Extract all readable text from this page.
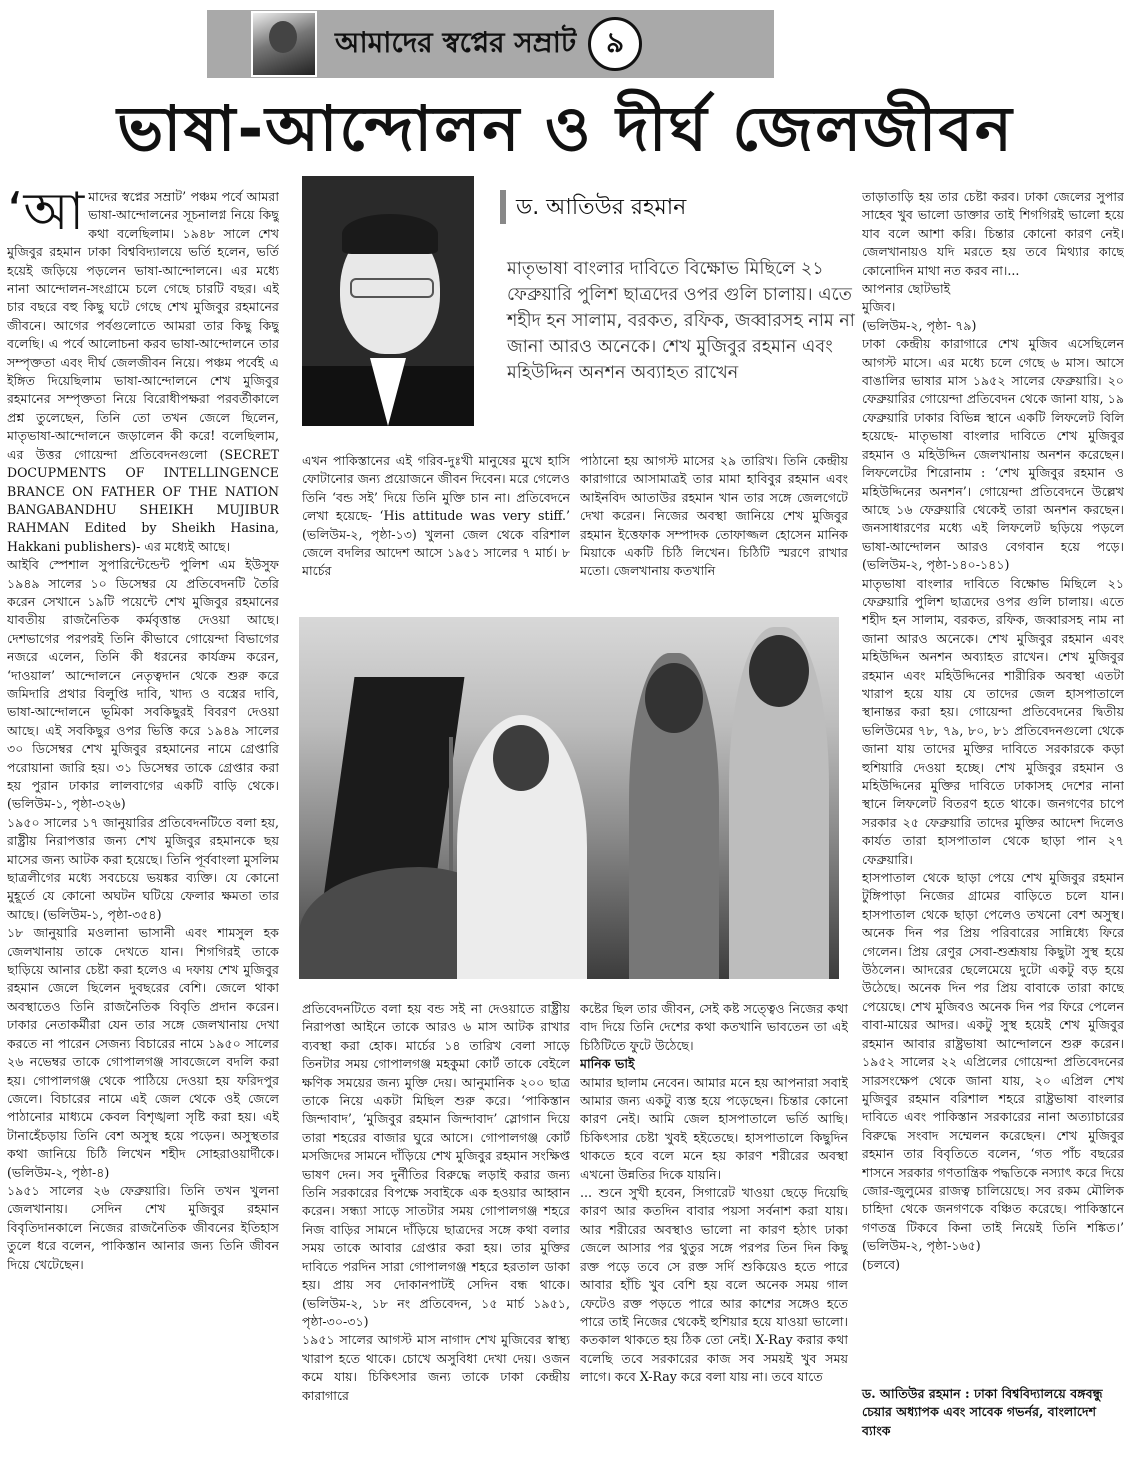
আমাদের স্বপ্নের সম্রাট	৯
ভাষা-আন্দোলন ও দীর্ঘ জেলজীবন
‘আ মাদের স্বপ্নের সম্রাট’ পঞ্চম পর্বে আমরা ভাষা-আন্দোলনের সূচনালগ্ন নিয়ে কিছু কথা বলেছিলাম। ১৯৪৮ সালে শেখ মুজিবুর রহমান ঢাকা বিশ্ববিদ্যালয়ে ভর্তি হলেন, ভর্তি হয়েই জড়িয়ে পড়লেন ভাষা-আন্দোলনে। এর মধ্যে নানা আন্দোলন-সংগ্রামে চলে গেছে চারটি বছর। এই চার বছরে বহু কিছু ঘটে গেছে শেখ মুজিবুর রহমানের জীবনে। আগের পর্বগুলোতে আমরা তার কিছু কিছু বলেছি। এ পর্বে আলোচনা করব ভাষা-আন্দোলনে তার সম্পৃক্ততা এবং দীর্ঘ জেলজীবন নিয়ে। পঞ্চম পর্বেই এ ইঙ্গিত দিয়েছিলাম ভাষা-আন্দোলনে শেখ মুজিবুর রহমানের সম্পৃক্ততা নিয়ে বিরোধীপক্ষরা পরবর্তীকালে প্রশ্ন তুলেছেন, তিনি তো তখন জেলে ছিলেন, মাতৃভাষা-আন্দোলনে জড়ালেন কী করে! বলেছিলাম, এর উত্তর গোয়েন্দা প্রতিবেদনগুলো (SECRET DOCUPMENTS OF INTELLINGENCE BRANCE ON FATHER OF THE NATION BANGABANDHU SHEIKH MUJIBUR RAHMAN Edited by Sheikh Hasina, Hakkani publishers)- এর মধ্যেই আছে।

আইবি স্পেশাল সুপারিন্টেন্ডেন্ট পুলিশ এম ইউসুফ ১৯৪৯ সালের ১০ ডিসেম্বর যে প্রতিবেদনটি তৈরি করেন সেখানে ১৯টি পয়েন্টে শেখ মুজিবুর রহমানের যাবতীয় রাজনৈতিক কর্মবৃত্তান্ত দেওয়া আছে। দেশভাগের পরপরই তিনি কীভাবে গোয়েন্দা বিভাগের নজরে এলেন, তিনি কী ধরনের কার্যক্রম করেন, ‘দাওয়াল’ আন্দোলনে নেতৃত্বদান থেকে শুরু করে জমিদারি প্রথার বিলুপ্তি দাবি, খাদ্য ও বস্ত্রের দাবি, ভাষা-আন্দোলনে ভূমিকা সবকিছুরই বিবরণ দেওয়া আছে। এই সবকিছুর ওপর ভিত্তি করে ১৯৪৯ সালের ৩০ ডিসেম্বর শেখ মুজিবুর রহমানের নামে গ্রেপ্তারি পরোয়ানা জারি হয়। ৩১ ডিসেম্বর তাকে গ্রেপ্তার করা হয় পুরান ঢাকার লালবাগের একটি বাড়ি থেকে। (ভলিউম-১, পৃষ্ঠা-৩২৬)

১৯৫০ সালের ১৭ জানুয়ারির প্রতিবেদনটিতে বলা হয়, রাষ্ট্রীয় নিরাপত্তার জন্য শেখ মুজিবুর রহমানকে ছয় মাসের জন্য আটক করা হয়েছে। তিনি পূর্ববাংলা মুসলিম ছাত্রলীগের মধ্যে সবচেয়ে ভয়ঙ্কর ব্যক্তি। যে কোনো মুহূর্তে যে কোনো অঘটন ঘটিয়ে ফেলার ক্ষমতা তার আছে। (ভলিউম-১, পৃষ্ঠা-৩৫৪)

১৮ জানুয়ারি মওলানা ভাসানী এবং শামসুল হক জেলখানায় তাকে দেখতে যান। শিগগিরই তাকে ছাড়িয়ে আনার চেষ্টা করা হলেও এ দফায় শেখ মুজিবুর রহমান জেলে ছিলেন দুবছরের বেশি। জেলে থাকা অবস্থাতেও তিনি রাজনৈতিক বিবৃতি প্রদান করেন। ঢাকার নেতাকর্মীরা যেন তার সঙ্গে জেলখানায় দেখা করতে না পারেন সেজন্য বিচারের নামে ১৯৫০ সালের ২৬ নভেম্বর তাকে গোপালগঞ্জ সাবজেলে বদলি করা হয়। গোপালগঞ্জ থেকে পাঠিয়ে দেওয়া হয় ফরিদপুর জেলে। বিচারের নামে এই জেল থেকে ওই জেলে পাঠানোর মাধ্যমে কেবল বিশৃঙ্খলা সৃষ্টি করা হয়। এই টানাহেঁচড়ায় তিনি বেশ অসুস্থ হয়ে পড়েন। অসুস্থতার কথা জানিয়ে চিঠি লিখেন শহীদ সোহরাওয়ার্দীকে। (ভলিউম-২, পৃষ্ঠা-৪)

১৯৫১ সালের ২৬ ফেব্রুয়ারি। তিনি তখন খুলনা জেলখানায়। সেদিন শেখ মুজিবুর রহমান বিবৃতিদানকালে নিজের রাজনৈতিক জীবনের ইতিহাস তুলে ধরে বলেন, পাকিস্তান আনার জন্য তিনি জীবন দিয়ে খেটেছেন।

ড. আতিউর রহমান
মাতৃভাষা বাংলার দাবিতে বিক্ষোভ মিছিলে ২১ ফেব্রুয়ারি পুলিশ ছাত্রদের ওপর গুলি চালায়। এতে শহীদ হন সালাম, বরকত, রফিক, জব্বারসহ নাম না জানা আরও অনেকে। শেখ মুজিবুর রহমান এবং মহিউদ্দিন অনশন অব্যাহত রাখেন

এখন পাকিস্তানের এই গরিব-দুঃখী মানুষের মুখে হাসি ফোটানোর জন্য প্রয়োজনে জীবন দিবেন। মরে গেলেও তিনি ‘বন্ড সই’ দিয়ে তিনি মুক্তি চান না। প্রতিবেদনে লেখা হয়েছে- ‘His attitude was very stiff.’ (ভলিউম-২, পৃষ্ঠা-১৩) খুলনা জেল থেকে বরিশাল জেলে বদলির আদেশ আসে ১৯৫১ সালের ৭ মার্চ। ৮ মার্চের

পাঠানো হয় আগস্ট মাসের ২৯ তারিখ। তিনি কেন্দ্রীয় কারাগারে আসামাত্রই তার মামা হাবিবুর রহমান এবং আইনবিদ আতাউর রহমান খান তার সঙ্গে জেলগেটে দেখা করেন। নিজের অবস্থা জানিয়ে শেখ মুজিবুর রহমান ইত্তেফাক সম্পাদক তোফাজ্জল হোসেন মানিক মিয়াকে একটি চিঠি লিখেন। চিঠিটি স্মরণে রাখার মতো। জেলখানায় কতখানি

প্রতিবেদনটিতে বলা হয় বন্ড সই না দেওয়াতে রাষ্ট্রীয় নিরাপত্তা আইনে তাকে আরও ৬ মাস আটক রাখার ব্যবস্থা করা হোক। মার্চের ১৪ তারিখ বেলা সাড়ে তিনটার সময় গোপালগঞ্জ মহকুমা কোর্ট তাকে বেইলে ক্ষণিক সময়ের জন্য মুক্তি দেয়। আনুমানিক ২০০ ছাত্র তাকে নিয়ে একটা মিছিল শুরু করে। ‘পাকিস্তান জিন্দাবাদ’, ‘মুজিবুর রহমান জিন্দাবাদ’ স্লোগান দিয়ে তারা শহরের বাজার ঘুরে আসে। গোপালগঞ্জ কোর্ট মসজিদের সামনে দাঁড়িয়ে শেখ মুজিবুর রহমান সংক্ষিপ্ত ভাষণ দেন। সব দুর্নীতির বিরুদ্ধে লড়াই করার জন্য তিনি সরকারের বিপক্ষে সবাইকে এক হওয়ার আহ্বান করেন। সন্ধ্যা সাড়ে সাতটার সময় গোপালগঞ্জ শহরে নিজ বাড়ির সামনে দাঁড়িয়ে ছাত্রদের সঙ্গে কথা বলার সময় তাকে আবার গ্রেপ্তার করা হয়। তার মুক্তির দাবিতে পরদিন সারা গোপালগঞ্জ শহরে হরতাল ডাকা হয়। প্রায় সব দোকানপাটই সেদিন বন্ধ থাকে। (ভলিউম-২, ১৮ নং প্রতিবেদন, ১৫ মার্চ ১৯৫১, পৃষ্ঠা-৩০-৩১)

১৯৫১ সালের আগস্ট মাস নাগাদ শেখ মুজিবের স্বাস্থ্য খারাপ হতে থাকে। চোখে অসুবিধা দেখা দেয়। ওজন কমে যায়। চিকিৎসার জন্য তাকে ঢাকা কেন্দ্রীয় কারাগারে

কষ্টের ছিল তার জীবন, সেই কষ্ট সত্ত্বেও নিজের কথা বাদ দিয়ে তিনি দেশের কথা কতখানি ভাবতেন তা এই চিঠিটিতে ফুটে উঠেছে।

মানিক ভাই

আমার ছালাম নেবেন। আমার মনে হয় আপনারা সবাই আমার জন্য একটু ব্যস্ত হয়ে পড়েছেন। চিন্তার কোনো কারণ নেই। আমি জেল হাসপাতালে ভর্তি আছি। চিকিৎসার চেষ্টা খুবই হইতেছে। হাসপাতালে কিছুদিন থাকতে হবে বলে মনে হয় কারণ শরীরের অবস্থা এখনো উন্নতির দিকে যায়নি।

... শুনে সুখী হবেন, সিগারেট খাওয়া ছেড়ে দিয়েছি কারণ আর কতদিন বাবার পয়সা সর্বনাশ করা যায়। আর শরীরের অবস্থাও ভালো না কারণ হঠাৎ ঢাকা জেলে আসার পর থুতুর সঙ্গে পরপর তিন দিন কিছু রক্ত পড়ে তবে সে রক্ত সর্দি শুকিয়েও হতে পারে আবার হাঁচি খুব বেশি হয় বলে অনেক সময় গাল ফেটেও রক্ত পড়তে পারে আর কাশের সঙ্গেও হতে পারে তাই নিজের থেকেই হুশিয়ার হয়ে যাওয়া ভালো। কতকাল থাকতে হয় ঠিক তো নেই। X-Ray করার কথা বলেছি তবে সরকারের কাজ সব সময়ই খুব সময় লাগে। কবে X-Ray করে বলা যায় না। তবে যাতে

তাড়াতাড়ি হয় তার চেষ্টা করব। ঢাকা জেলের সুপার সাহেব খুব ভালো ডাক্তার তাই শিগগিরই ভালো হয়ে যাব বলে আশা করি। চিন্তার কোনো কারণ নেই। জেলখানায়ও যদি মরতে হয় তবে মিথ্যার কাছে কোনোদিন মাথা নত করব না।...

আপনার ছোটভাই

মুজিব।

(ভলিউম-২, পৃষ্ঠা- ৭৯)

ঢাকা কেন্দ্রীয় কারাগারে শেখ মুজিব এসেছিলেন আগস্ট মাসে। এর মধ্যে চলে গেছে ৬ মাস। আসে বাঙালির ভাষার মাস ১৯৫২ সালের ফেব্রুয়ারি। ২০ ফেব্রুয়ারির গোয়েন্দা প্রতিবেদন থেকে জানা যায়, ১৯ ফেব্রুয়ারি ঢাকার বিভিন্ন স্থানে একটি লিফলেট বিলি হয়েছে- মাতৃভাষা বাংলার দাবিতে শেখ মুজিবুর রহমান ও মহিউদ্দিন জেলখানায় অনশন করেছেন। লিফলেটের শিরোনাম : ‘শেখ মুজিবুর রহমান ও মহিউদ্দিনের অনশন’। গোয়েন্দা প্রতিবেদনে উল্লেখ আছে ১৬ ফেব্রুয়ারি থেকেই তারা অনশন করছেন। জনসাধারণের মধ্যে এই লিফলেট ছড়িয়ে পড়লে ভাষা-আন্দোলন আরও বেগবান হয়ে পড়ে। (ভলিউম-২, পৃষ্ঠা-১৪০-১৪১)

মাতৃভাষা বাংলার দাবিতে বিক্ষোভ মিছিলে ২১ ফেব্রুয়ারি পুলিশ ছাত্রদের ওপর গুলি চালায়। এতে শহীদ হন সালাম, বরকত, রফিক, জব্বারসহ নাম না জানা আরও অনেকে। শেখ মুজিবুর রহমান এবং মহিউদ্দিন অনশন অব্যাহত রাখেন। শেখ মুজিবুর রহমান এবং মহিউদ্দিনের শারীরিক অবস্থা এতটা খারাপ হয়ে যায় যে তাদের জেল হাসপাতালে স্থানান্তর করা হয়। গোয়েন্দা প্রতিবেদনের দ্বিতীয় ভলিউমের ৭৮, ৭৯, ৮০, ৮১ প্রতিবেদনগুলো থেকে জানা যায় তাদের মুক্তির দাবিতে সরকারকে কড়া হুশিয়ারি দেওয়া হচ্ছে। শেখ মুজিবুর রহমান ও মহিউদ্দিনের মুক্তির দাবিতে ঢাকাসহ দেশের নানা স্থানে লিফলেট বিতরণ হতে থাকে। জনগণের চাপে সরকার ২৫ ফেব্রুয়ারি তাদের মুক্তির আদেশ দিলেও কার্যত তারা হাসপাতাল থেকে ছাড়া পান ২৭ ফেব্রুয়ারি।

হাসপাতাল থেকে ছাড়া পেয়ে শেখ মুজিবুর রহমান টুঙ্গিপাড়া নিজের গ্রামের বাড়িতে চলে যান। হাসপাতাল থেকে ছাড়া পেলেও তখনো বেশ অসুস্থ। অনেক দিন পর প্রিয় পরিবারের সান্নিধ্যে ফিরে গেলেন। প্রিয় রেণুর সেবা-শুশ্রূষায় কিছুটা সুস্থ হয়ে উঠলেন। আদরের ছেলেমেয়ে দুটো একটু বড় হয়ে উঠেছে। অনেক দিন পর প্রিয় বাবাকে তারা কাছে পেয়েছে। শেখ মুজিবও অনেক দিন পর ফিরে পেলেন বাবা-মায়ের আদর। একটু সুস্থ হয়েই শেখ মুজিবুর রহমান আবার রাষ্ট্রভাষা আন্দোলনে শুরু করেন। ১৯৫২ সালের ২২ এপ্রিলের গোয়েন্দা প্রতিবেদনের সারসংক্ষেপ থেকে জানা যায়, ২০ এপ্রিল শেখ মুজিবুর রহমান বরিশাল শহরে রাষ্ট্রভাষা বাংলার দাবিতে এবং পাকিস্তান সরকারের নানা অত্যাচারের বিরুদ্ধে সংবাদ সম্মেলন করেছেন। শেখ মুজিবুর রহমান তার বিবৃতিতে বলেন, ‘গত পাঁচ বছরের শাসনে সরকার গণতান্ত্রিক পদ্ধতিকে নস্যাৎ করে দিয়ে জোর-জুলুমের রাজত্ব চালিয়েছে। সব রকম মৌলিক চাহিদা থেকে জনগণকে বঞ্চিত করেছে। পাকিস্তানে গণতন্ত্র টিকবে কিনা তাই নিয়েই তিনি শঙ্কিত।’ (ভলিউম-২, পৃষ্ঠা-১৬৫)

(চলবে)

ড. আতিউর রহমান : ঢাকা বিশ্ববিদ্যালয়ে বঙ্গবন্ধু চেয়ার অধ্যাপক এবং সাবেক গভর্নর, বাংলাদেশ ব্যাংক
